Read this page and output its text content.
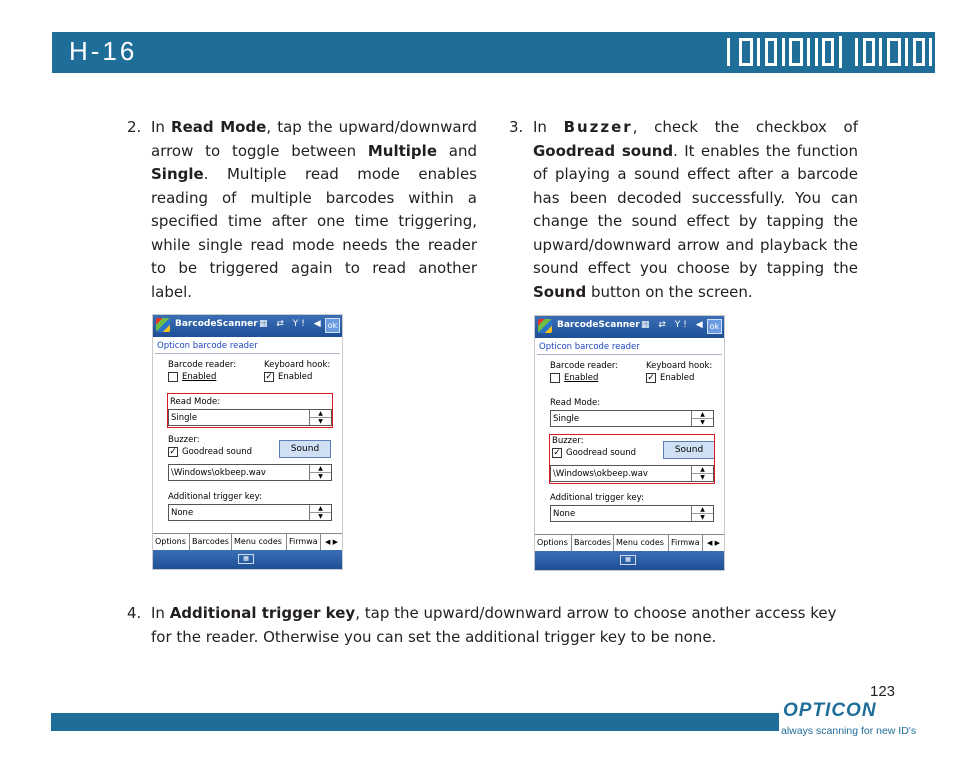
H-16
2. In Read Mode, tap the upward/downward arrow to toggle between Multiple and Single. Multiple read mode enables reading of multiple barcodes within a specified time after one time triggering, while single read mode needs the reader to be triggered again to read another label.
3. In Buzzer, check the checkbox of Goodread sound. It enables the function of playing a sound effect after a barcode has been decoded successfully. You can change the sound effect by tapping the upward/downward arrow and playback the sound effect you choose by tapping the Sound button on the screen.
BarcodeScanner ▦ ⇄ Y! ◀ ok
Opticon barcode reader
Barcode reader:
Enabled
Keyboard hook:
✓ Enabled
Read Mode:
Single	▲
▼
Buzzer:
✓ Goodread sound	Sound
\Windows\okbeep.wav	▲
▼
Additional trigger key:
None	▲
▼
Options Barcodes Menu codes Firmwa	◀ ▶
▦
BarcodeScanner ▦ ⇄ Y! ◀ ok
Opticon barcode reader
Barcode reader:
Enabled
Keyboard hook:
✓ Enabled
Read Mode:
Single	▲
▼
Buzzer:
✓ Goodread sound	Sound
\Windows\okbeep.wav	▲
▼
Additional trigger key:
None	▲
▼
Options Barcodes Menu codes Firmwa	◀ ▶
▦
4. In Additional trigger key, tap the upward/downward arrow to choose another access key for the reader. Otherwise you can set the additional trigger key to be none.
123
OPTICON
always scanning for new ID's
